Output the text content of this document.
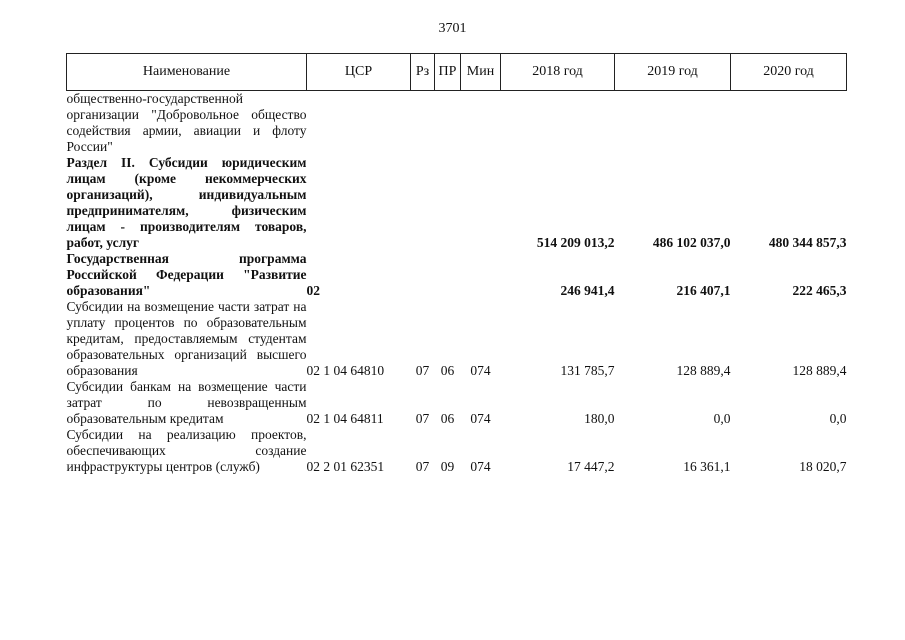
3701
Наименование	ЦСР	Рз	ПР	Мин	2018 год	2019 год	2020 год
общественно-государственной организации "Добровольное общество содействия армии, авиации и флоту России"							
Раздел II. Субсидии юридическим лицам (кроме некоммерческих организаций), индивидуальным предпринимателям, физическим лицам - производителям товаров, работ, услуг					514 209 013,2	486 102 037,0	480 344 857,3
Государственная программа Российской Федерации "Развитие образования"	02				246 941,4	216 407,1	222 465,3
Субсидии на возмещение части затрат на уплату процентов по образовательным кредитам, предоставляемым студентам образовательных организаций высшего образования	02 1 04 64810	07	06	074	131 785,7	128 889,4	128 889,4
Субсидии банкам на возмещение части затрат по невозвращенным образовательным кредитам	02 1 04 64811	07	06	074	180,0	0,0	0,0
Субсидии на реализацию проектов, обеспечивающих создание инфраструктуры центров (служб)	02 2 01 62351	07	09	074	17 447,2	16 361,1	18 020,7
